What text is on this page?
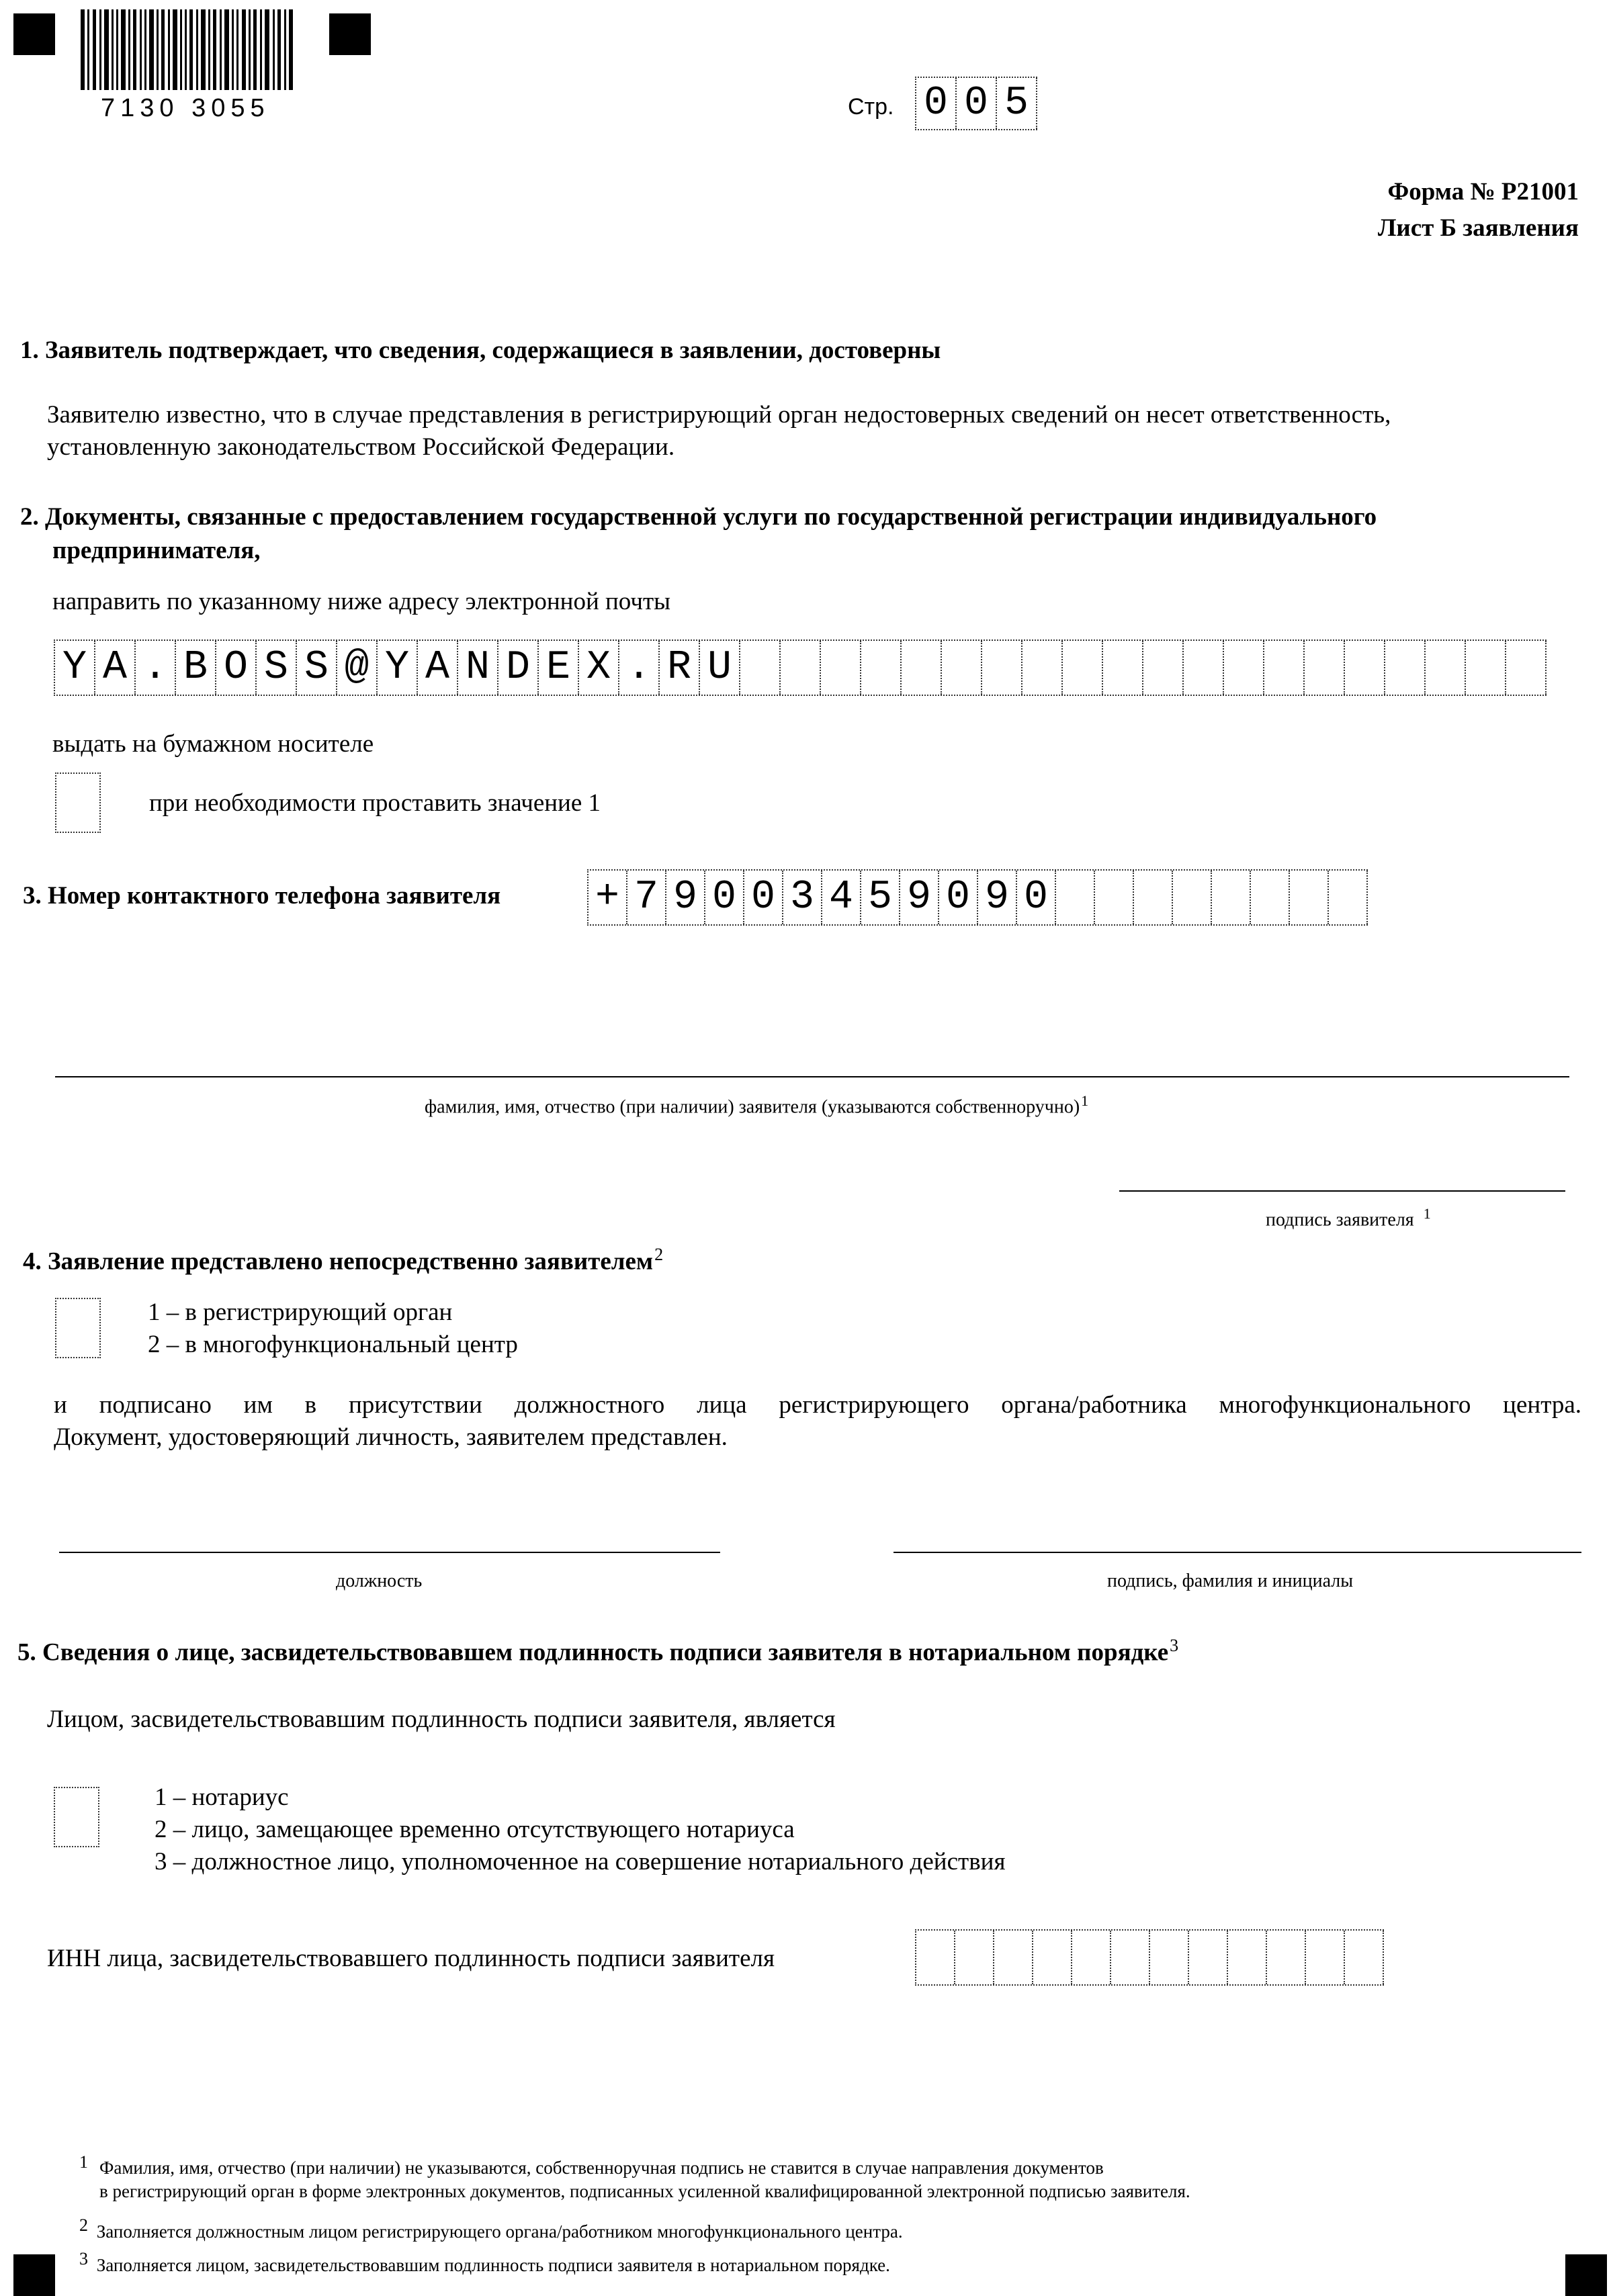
7130 3055	Стр. 0 0 5
Форма № Р21001
Лист Б заявления
1. Заявитель подтверждает, что сведения, содержащиеся в заявлении, достоверны
Заявителю известно, что в случае представления в регистрирующий орган недостоверных сведений он несет ответственность,
установленную законодательством Российской Федерации.
2. Документы, связанные с предоставлением государственной услуги по государственной регистрации индивидуального
предпринимателя,
направить по указанному ниже адресу электронной почты
Y A . B O S S @ Y A N D E X . R U
выдать на бумажном носителе
при необходимости проставить значение 1
3. Номер контактного телефона заявителя + 7 9 0 0 3 4 5 9 0 9 0
фамилия, имя, отчество (при наличии) заявителя (указываются собственноручно)$^1$
подпись заявителя $^1$
4. Заявление представлено непосредственно заявителем$^2$
1 – в регистрирующий орган
2 – в многофункциональный центр
и подписано им в присутствии должностного лица регистрирующего органа/работника многофункционального центра.
Документ, удостоверяющий личность, заявителем представлен.
должность	подпись, фамилия и инициалы
5. Сведения о лице, засвидетельствовавшем подлинность подписи заявителя в нотариальном порядке$^3$
Лицом, засвидетельствовавшим подлинность подписи заявителя, является
1 – нотариус
2 – лицо, замещающее временно отсутствующего нотариуса
3 – должностное лицо, уполномоченное на совершение нотариального действия
ИНН лица, засвидетельствовавшего подлинность подписи заявителя
1 Фамилия, имя, отчество (при наличии) не указываются, собственноручная подпись не ставится в случае направления документов
в регистрирующий орган в форме электронных документов, подписанных усиленной квалифицированной электронной подписью заявителя.
2 Заполняется должностным лицом регистрирующего органа/работником многофункционального центра.
3 Заполняется лицом, засвидетельствовавшим подлинность подписи заявителя в нотариальном порядке.
